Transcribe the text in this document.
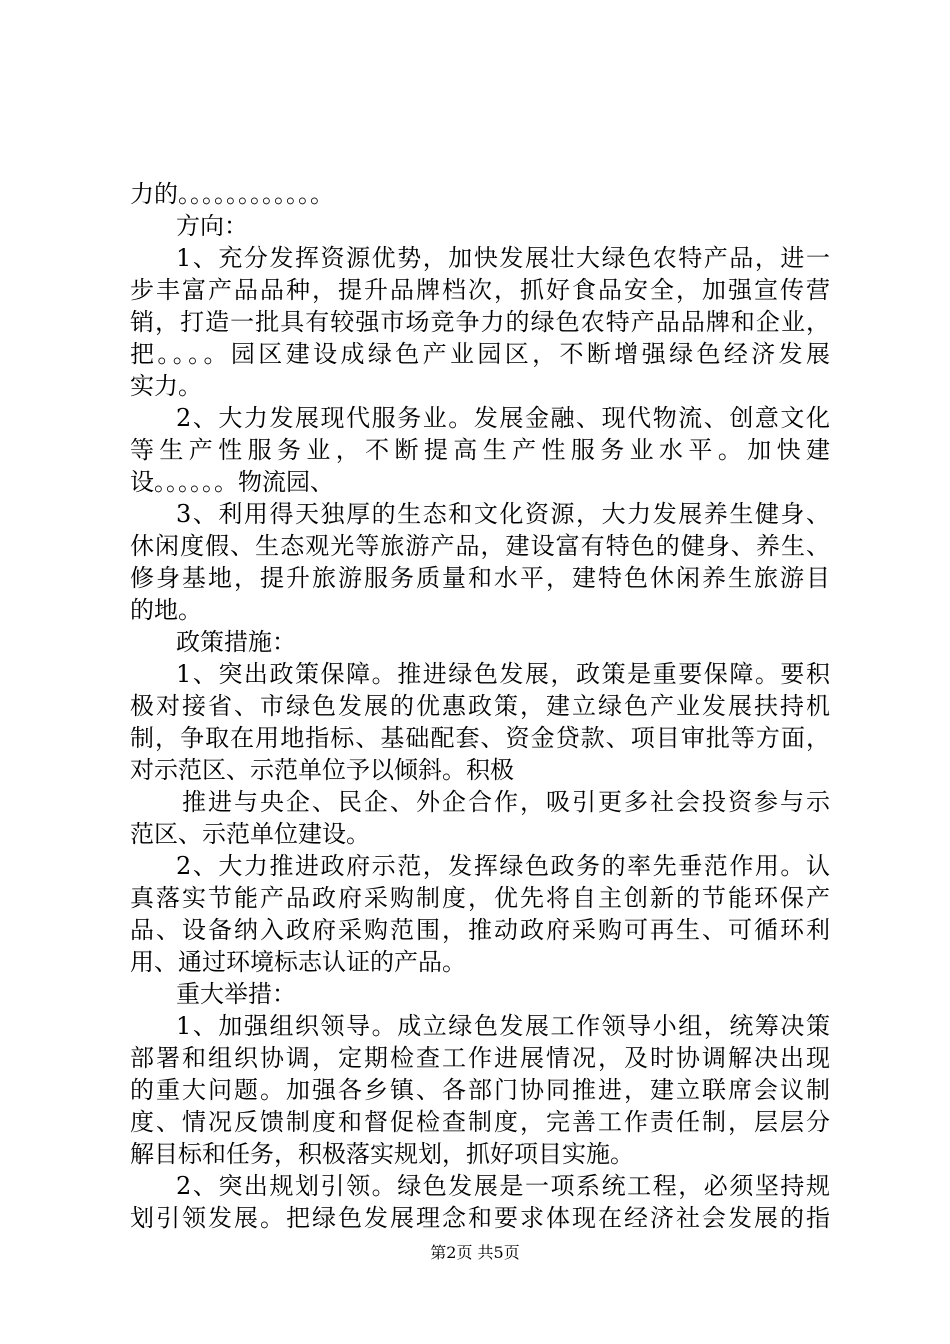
力的。。。。。。。。。。。。
方向：
1、充分发挥资源优势，加快发展壮大绿色农特产品，进一
步丰富产品品种，提升品牌档次，抓好食品安全，加强宣传营
销，打造一批具有较强市场竞争力的绿色农特产品品牌和企业，
把。。。。园区建设成绿色产业园区，不断增强绿色经济发展
实力。
2、大力发展现代服务业。发展金融、现代物流、创意文化
等生产性服务业，不断提高生产性服务业水平。加快建
设。。。。。。物流园、
3、利用得天独厚的生态和文化资源，大力发展养生健身、
休闲度假、生态观光等旅游产品，建设富有特色的健身、养生、
修身基地，提升旅游服务质量和水平，建特色休闲养生旅游目
的地。
政策措施：
1、突出政策保障。推进绿色发展，政策是重要保障。要积
极对接省、市绿色发展的优惠政策，建立绿色产业发展扶持机
制，争取在用地指标、基础配套、资金贷款、项目审批等方面，
对示范区、示范单位予以倾斜。积极
推进与央企、民企、外企合作，吸引更多社会投资参与示
范区、示范单位建设。
2、大力推进政府示范，发挥绿色政务的率先垂范作用。认
真落实节能产品政府采购制度，优先将自主创新的节能环保产
品、设备纳入政府采购范围，推动政府采购可再生、可循环利
用、通过环境标志认证的产品。
重大举措：
1、加强组织领导。成立绿色发展工作领导小组，统筹决策
部署和组织协调，定期检查工作进展情况，及时协调解决出现
的重大问题。加强各乡镇、各部门协同推进，建立联席会议制
度、情况反馈制度和督促检查制度，完善工作责任制，层层分
解目标和任务，积极落实规划，抓好项目实施。
2、突出规划引领。绿色发展是一项系统工程，必须坚持规
划引领发展。把绿色发展理念和要求体现在经济社会发展的指
第2页 共5页
